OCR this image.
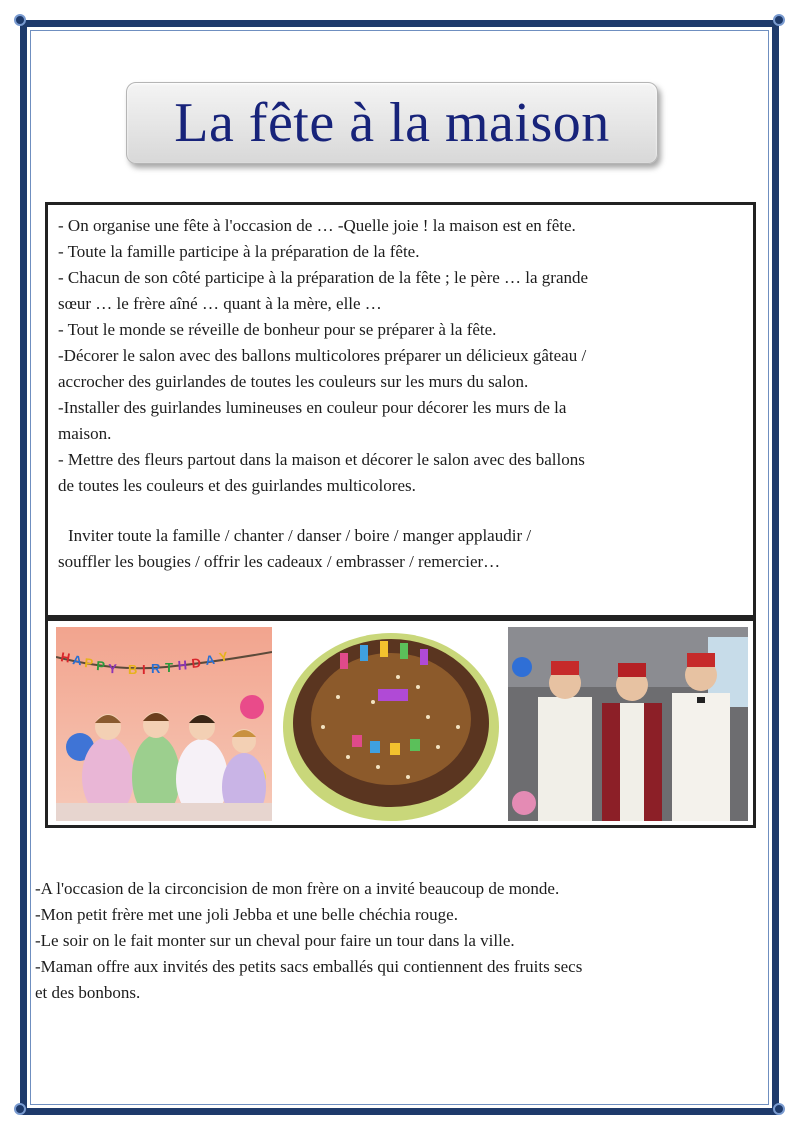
La fête à la maison
- On organise une fête à l'occasion de … -Quelle joie ! la maison est en fête.
- Toute la famille participe à la préparation de la fête.
- Chacun de son côté participe à la préparation de la fête ; le père … la grande
sœur … le frère aîné … quant à la mère, elle …
- Tout le monde se réveille de bonheur pour se préparer à la fête.
-Décorer le salon avec des ballons multicolores préparer un délicieux gâteau /
accrocher des guirlandes de toutes les couleurs sur les murs du salon.
-Installer des guirlandes lumineuses en couleur pour décorer les murs de la
maison.
- Mettre des fleurs partout dans la maison et décorer le salon avec des ballons
de toutes les couleurs et des guirlandes multicolores.
Inviter toute la famille / chanter / danser / boire / manger applaudir /
souffler les bougies / offrir les cadeaux / embrasser / remercier…
H A P P Y B I R T H D A Y
-A l'occasion de la circoncision de mon frère on a invité beaucoup de monde.
-Mon petit frère met une joli Jebba et une belle chéchia rouge.
-Le soir on le fait monter sur un cheval pour faire un tour dans la ville.
-Maman offre aux invités des petits sacs emballés qui contiennent des fruits secs
et des bonbons.
